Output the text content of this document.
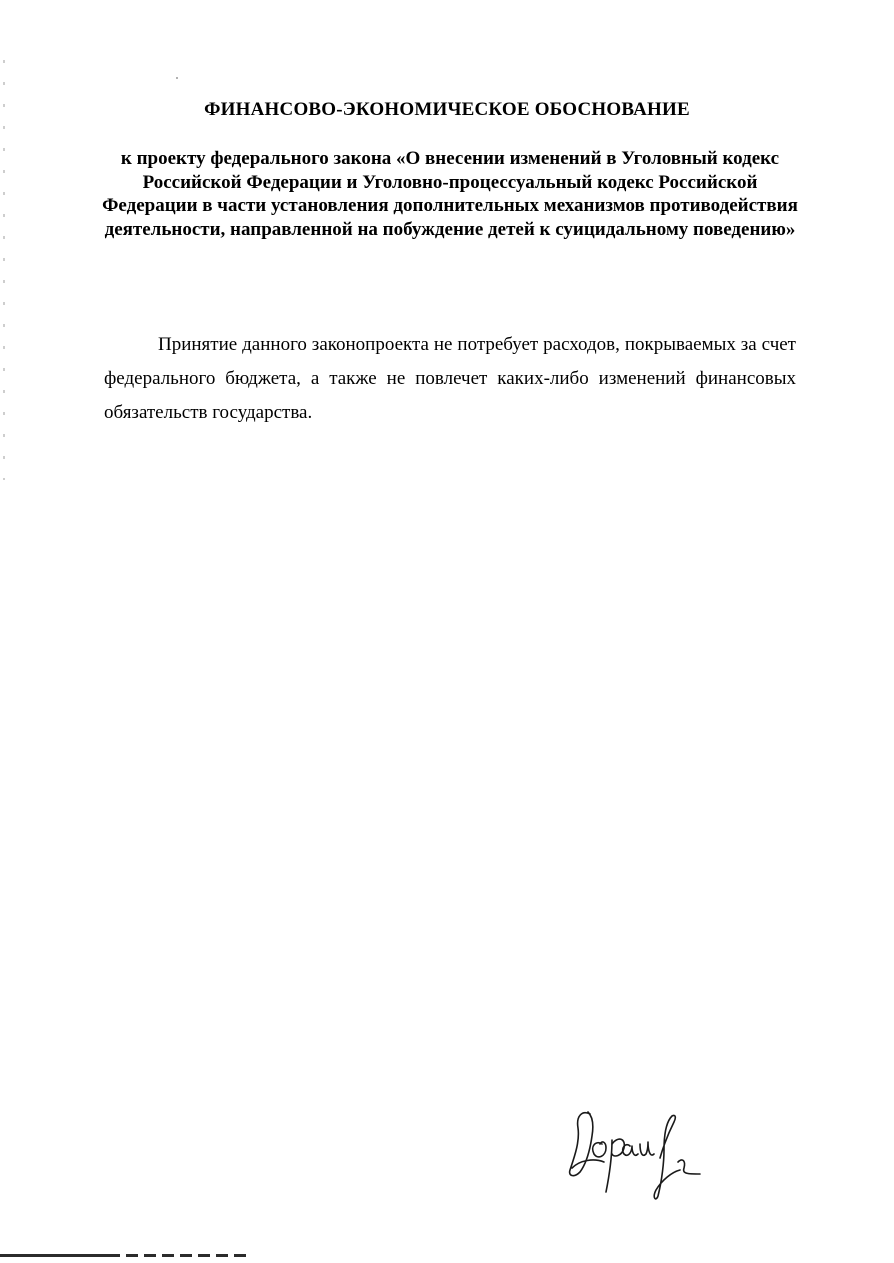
ФИНАНСОВО-ЭКОНОМИЧЕСКОЕ ОБОСНОВАНИЕ

к проекту федерального закона «О внесении изменений в Уголовный кодекс Российской Федерации и Уголовно-процессуальный кодекс Российской Федерации в части установления дополнительных механизмов противодействия деятельности, направленной на побуждение детей к суицидальному поведению»

Принятие данного законопроекта не потребует расходов, покрываемых за счет федерального бюджета, а также не повлечет каких-либо изменений финансовых обязательств государства.
